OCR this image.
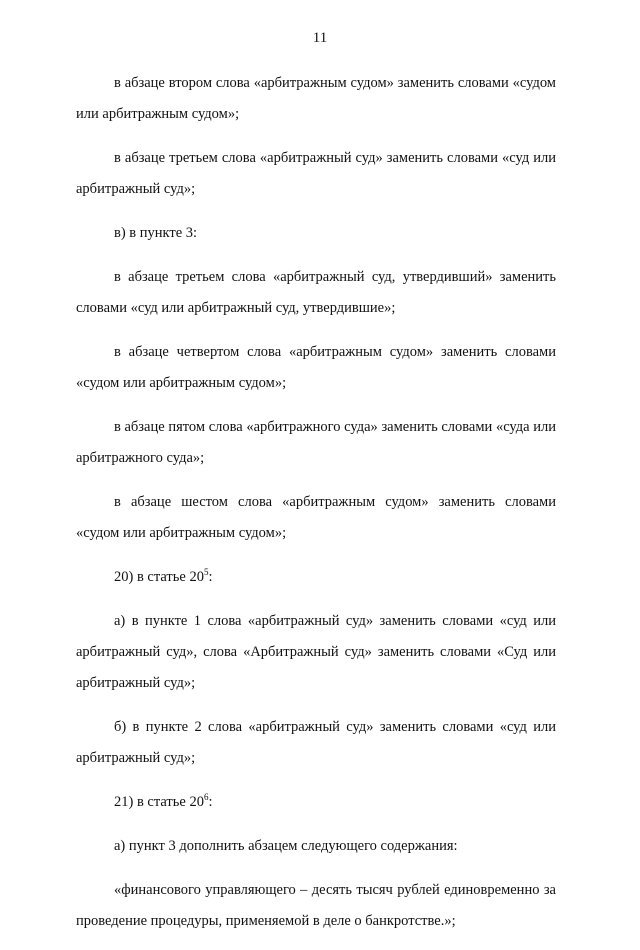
11

в абзаце втором слова «арбитражным судом» заменить словами «судом или арбитражным судом»;

в абзаце третьем слова «арбитражный суд» заменить словами «суд или арбитражный суд»;

в) в пункте 3:

в абзаце третьем слова «арбитражный суд, утвердивший» заменить словами «суд или арбитражный суд, утвердившие»;

в абзаце четвертом слова «арбитражным судом» заменить словами «судом или арбитражным судом»;

в абзаце пятом слова «арбитражного суда» заменить словами «суда или арбитражного суда»;

в абзаце шестом слова «арбитражным судом» заменить словами «судом или арбитражным судом»;

20) в статье $20^5$:

а) в пункте 1 слова «арбитражный суд» заменить словами «суд или арбитражный суд», слова «Арбитражный суд» заменить словами «Суд или арбитражный суд»;

б) в пункте 2 слова «арбитражный суд» заменить словами «суд или арбитражный суд»;

21) в статье $20^6$:

а) пункт 3 дополнить абзацем следующего содержания:

«финансового управляющего – десять тысяч рублей единовременно за проведение процедуры, применяемой в деле о банкротстве.»;
